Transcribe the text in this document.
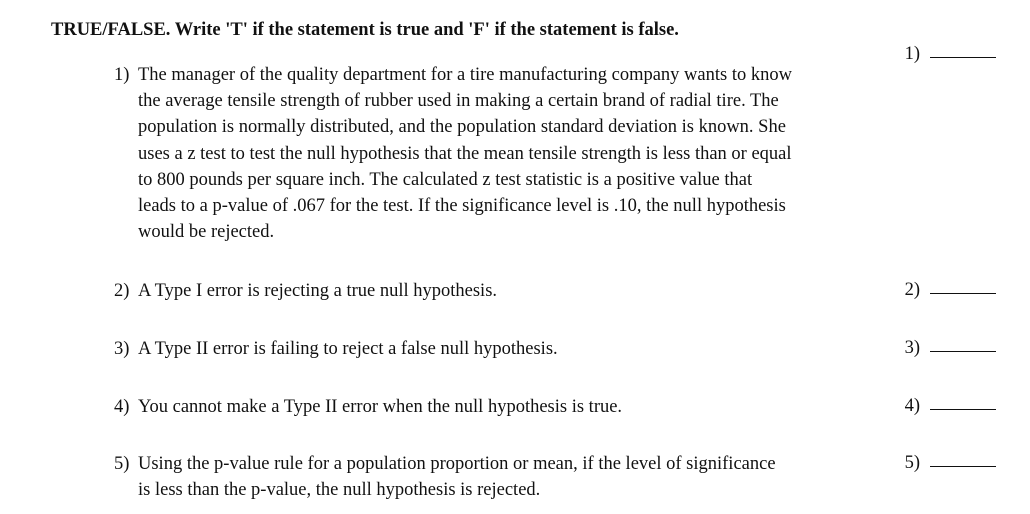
TRUE/FALSE. Write 'T' if the statement is true and 'F' if the statement is false.
1) The manager of the quality department for a tire manufacturing company wants to know
the average tensile strength of rubber used in making a certain brand of radial tire. The
population is normally distributed, and the population standard deviation is known. She
uses a z test to test the null hypothesis that the mean tensile strength is less than or equal
to 800 pounds per square inch. The calculated z test statistic is a positive value that
leads to a p-value of .067 for the test. If the significance level is .10, the null hypothesis
would be rejected.
1)
2) A Type I error is rejecting a true null hypothesis.	2)
3) A Type II error is failing to reject a false null hypothesis.	3)
4) You cannot make a Type II error when the null hypothesis is true.	4)
5) Using the p-value rule for a population proportion or mean, if the level of significance
is less than the p-value, the null hypothesis is rejected.
5)
